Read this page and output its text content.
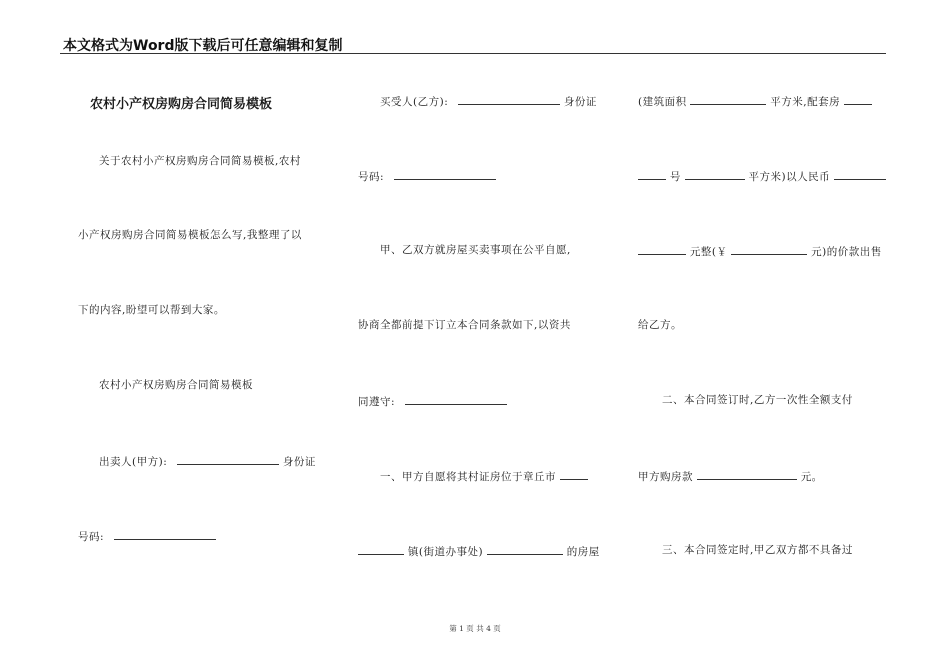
本文格式为Word版下载后可任意编辑和复制
农村小产权房购房合同简易模板
关于农村小产权房购房合同简易模板,农村
小产权房购房合同简易模板怎么写,我整理了以
下的内容,盼望可以帮到大家。
农村小产权房购房合同简易模板
出卖人(甲方):	身份证
号码:
买受人(乙方):	身份证
号码:
甲、乙双方就房屋买卖事项在公平自愿,
协商全都前提下订立本合同条款如下,以资共
同遵守:
一、甲方自愿将其村证房位于章丘市
镇(街道办事处)	的房屋
(建筑面积	平方米,配套房
号	平方米)以人民币
元整(￥	元)的价款出售
给乙方。
二、本合同签订时,乙方一次性全额支付
甲方购房款	元。
三、本合同签定时,甲乙双方都不具备过
第 1 页 共 4 页
